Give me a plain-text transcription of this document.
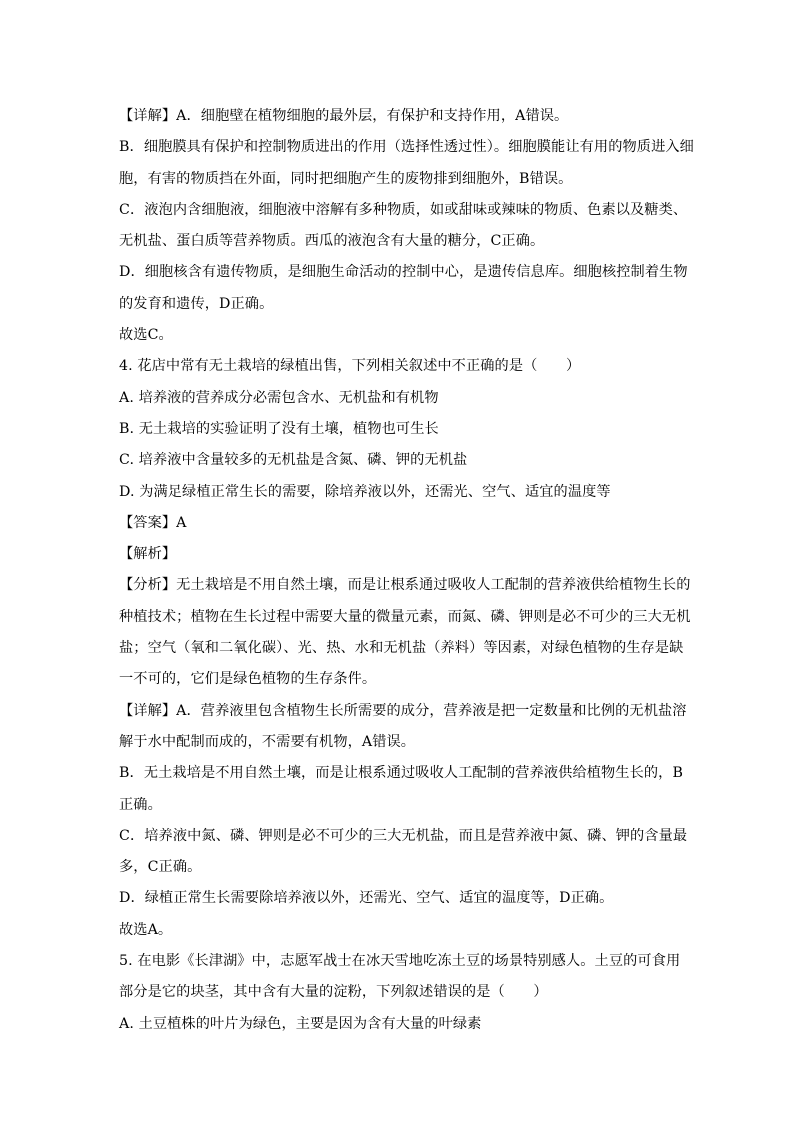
【详解】A．细胞壁在植物细胞的最外层，有保护和支持作用，A错误。
B．细胞膜具有保护和控制物质进出的作用（选择性透过性）。细胞膜能让有用的物质进入细
胞，有害的物质挡在外面，同时把细胞产生的废物排到细胞外，B错误。
C．液泡内含细胞液，细胞液中溶解有多种物质，如或甜味或辣味的物质、色素以及糖类、
无机盐、蛋白质等营养物质。西瓜的液泡含有大量的糖分，C正确。
D．细胞核含有遗传物质，是细胞生命活动的控制中心，是遗传信息库。细胞核控制着生物
的发育和遗传，D正确。
故选C。
4. 花店中常有无土栽培的绿植出售，下列相关叙述中不正确的是（　　）
A. 培养液的营养成分必需包含水、无机盐和有机物
B. 无土栽培的实验证明了没有土壤，植物也可生长
C. 培养液中含量较多的无机盐是含氮、磷、钾的无机盐
D. 为满足绿植正常生长的需要，除培养液以外，还需光、空气、适宜的温度等
【答案】A
【解析】
【分析】无土栽培是不用自然土壤，而是让根系通过吸收人工配制的营养液供给植物生长的
种植技术；植物在生长过程中需要大量的微量元素，而氮、磷、钾则是必不可少的三大无机
盐；空气（氧和二氧化碳）、光、热、水和无机盐（养料）等因素，对绿色植物的生存是缺
一不可的，它们是绿色植物的生存条件。
【详解】A．营养液里包含植物生长所需要的成分，营养液是把一定数量和比例的无机盐溶
解于水中配制而成的，不需要有机物，A错误。
B．无土栽培是不用自然土壤，而是让根系通过吸收人工配制的营养液供给植物生长的，B
正确。
C．培养液中氮、磷、钾则是必不可少的三大无机盐，而且是营养液中氮、磷、钾的含量最
多，C正确。
D．绿植正常生长需要除培养液以外，还需光、空气、适宜的温度等，D正确。
故选A。
5. 在电影《长津湖》中，志愿军战士在冰天雪地吃冻土豆的场景特别感人。土豆的可食用
部分是它的块茎，其中含有大量的淀粉，下列叙述错误的是（　　）
A. 土豆植株的叶片为绿色，主要是因为含有大量的叶绿素
